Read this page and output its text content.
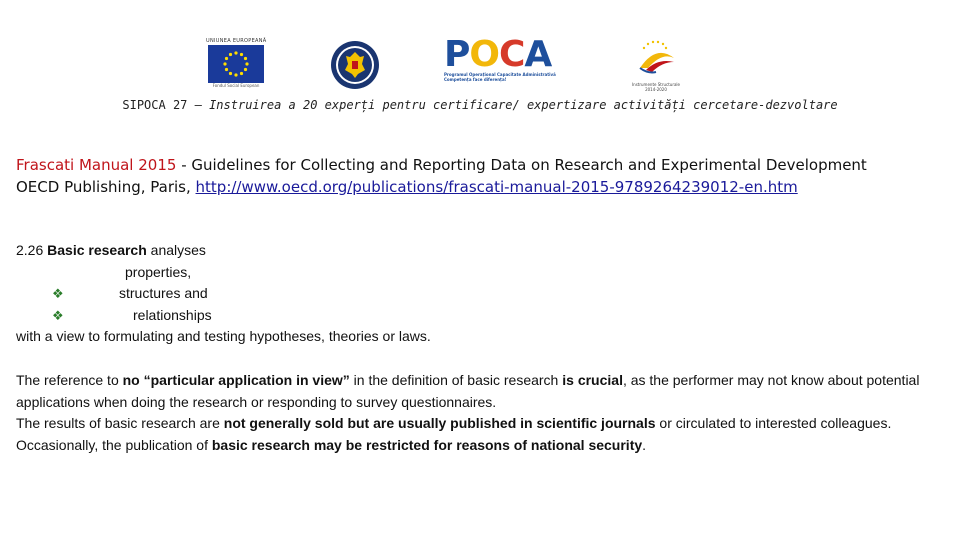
UNIUNEA EUROPEANĂ
Fondul Social European
POCA
Programul Operațional Capacitate Administrativă
Competența face diferența!
Instrumente Structurale
2014-2020
SIPOCA 27 – Instruirea a 20 experți pentru certificare/ expertizare activități cercetare-dezvoltare
Frascati Manual 2015 - Guidelines for Collecting and Reporting Data on Research and Experimental Development
OECD Publishing, Paris, http://www.oecd.org/publications/frascati-manual-2015-9789264239012-en.htm
2.26 Basic research analyses
properties,
❖	structures and
❖	relationships
with a view to formulating and testing hypotheses, theories or laws.

The reference to no “particular application in view” in the definition of basic research is crucial, as the performer may not know about potential applications when doing the research or responding to survey questionnaires.

The results of basic research are not generally sold but are usually published in scientific journals or circulated to interested colleagues.

Occasionally, the publication of basic research may be restricted for reasons of national security.
